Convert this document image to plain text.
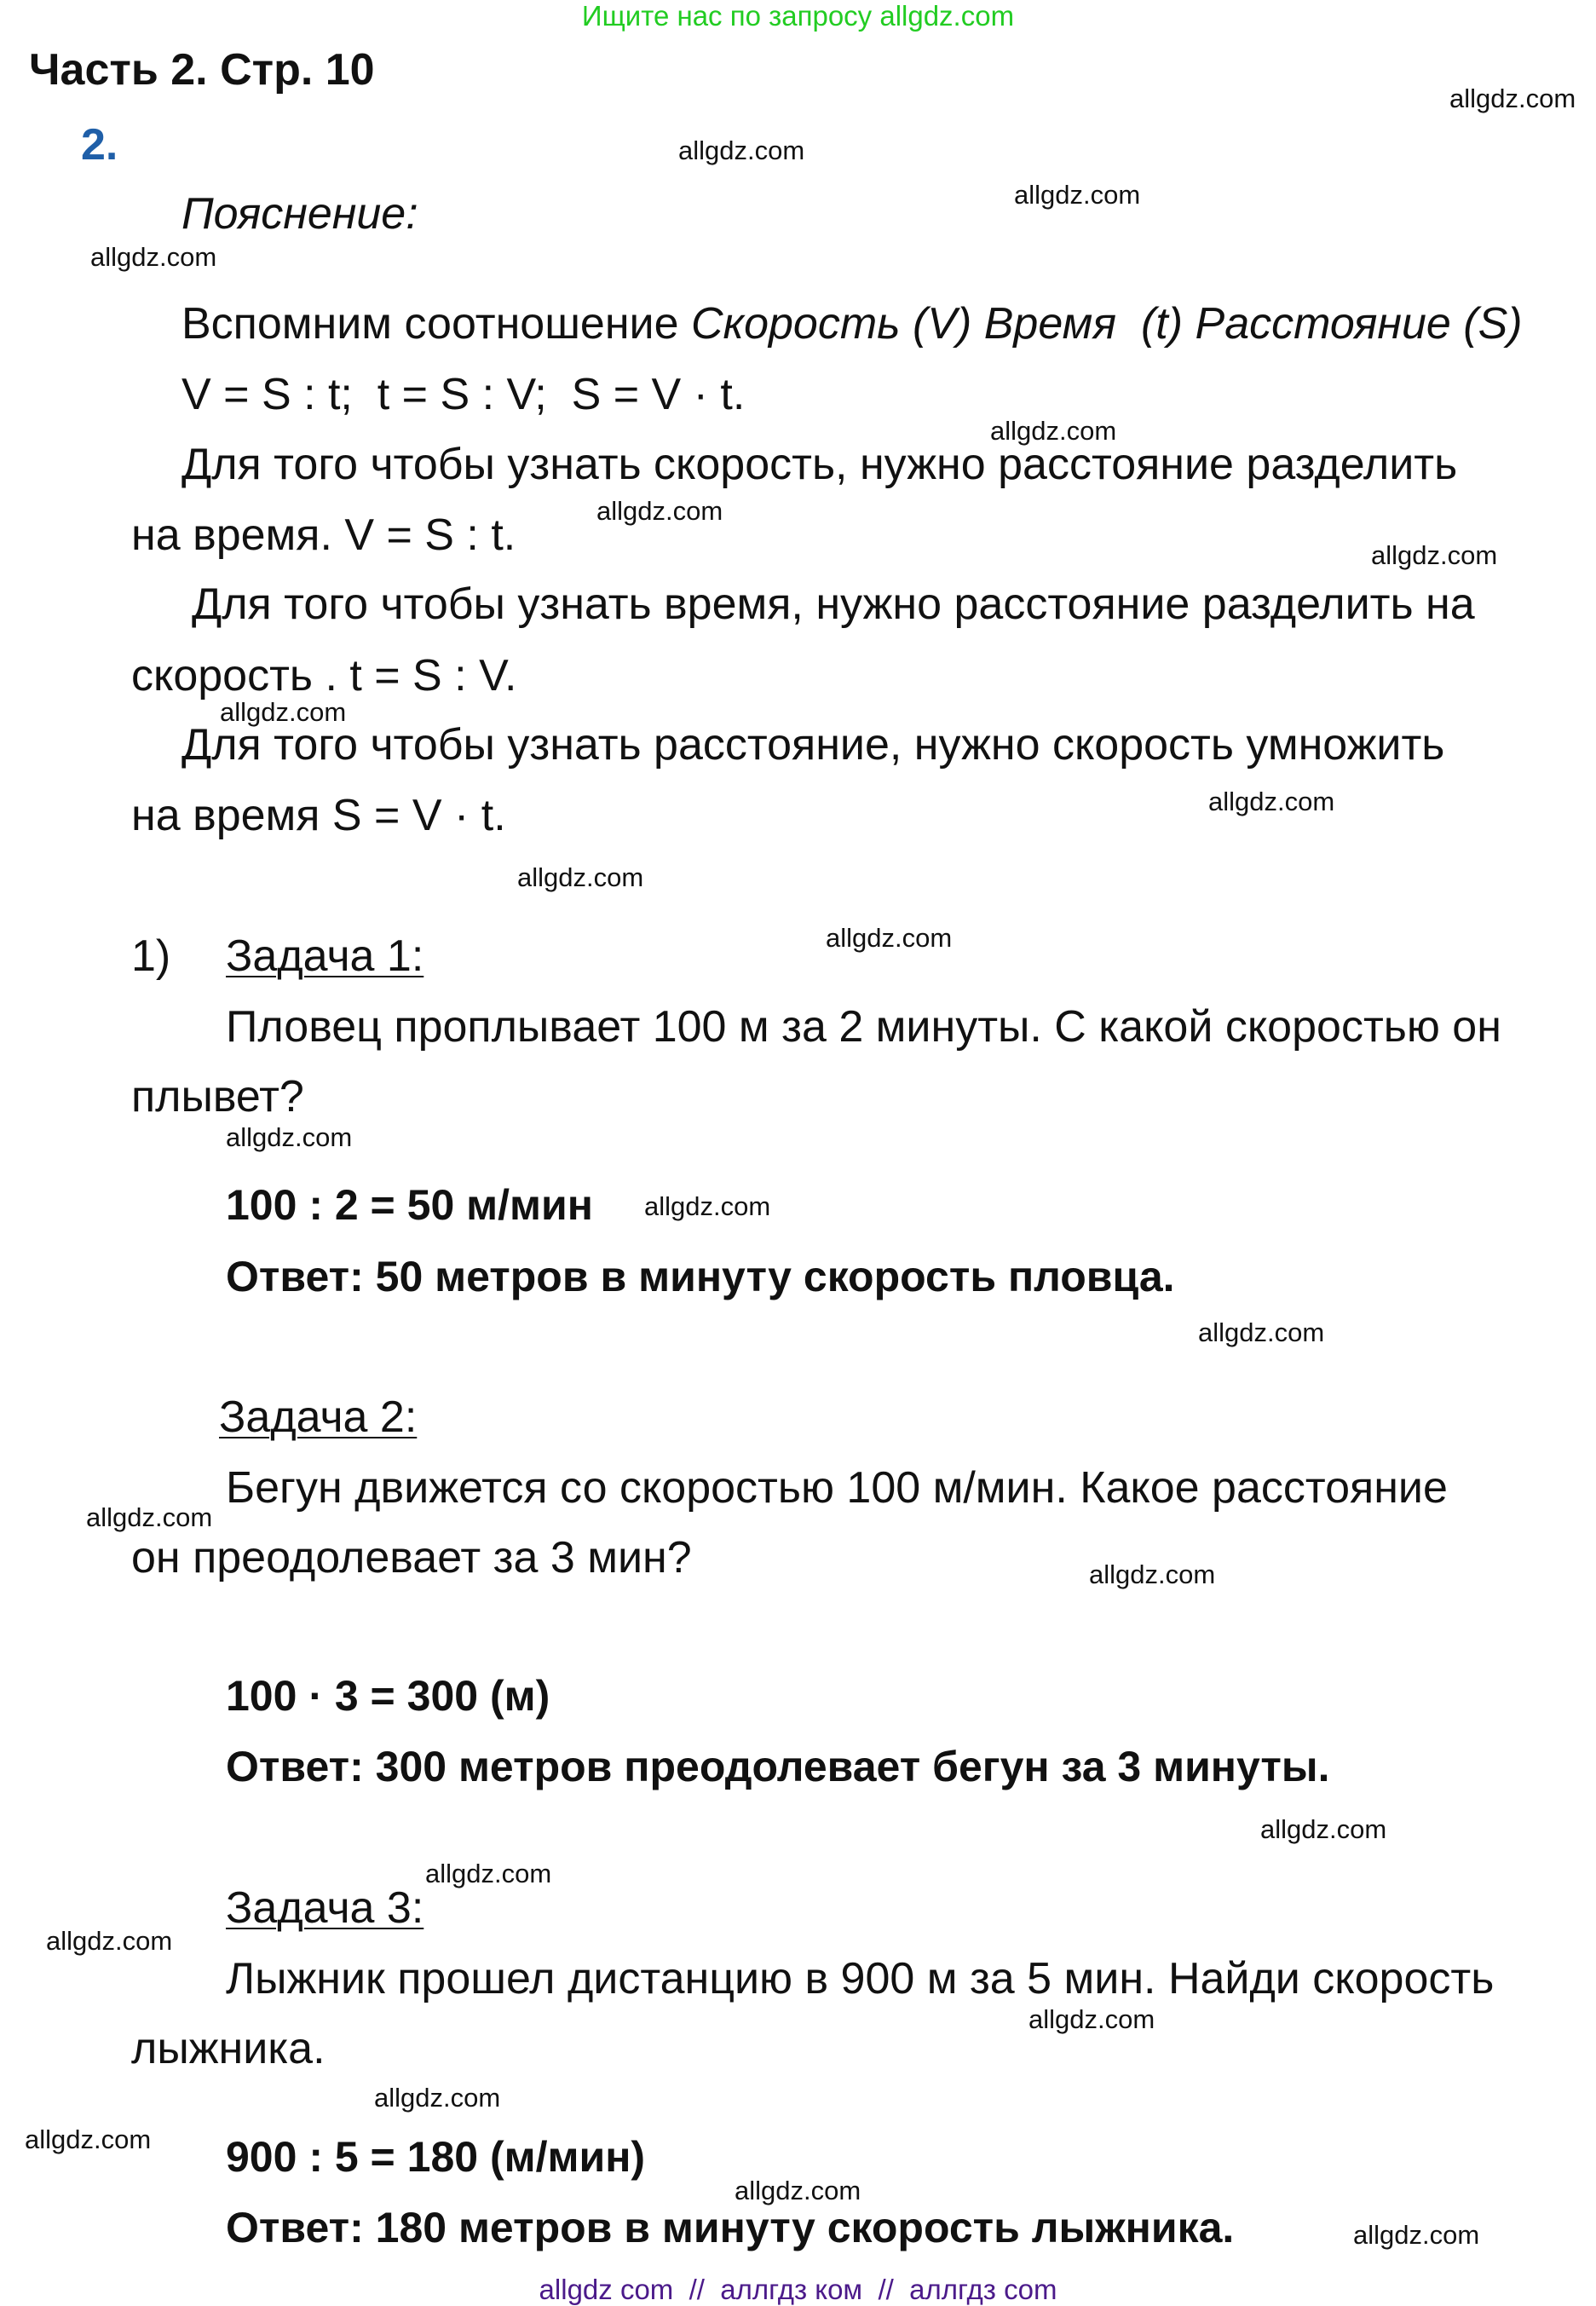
Ищите нас по запросу allgdz.com
Часть 2. Стр. 10
2.
Пояснение:
Вспомним соотношение Скорость (V) Время  (t) Расстояние (S)
V = S : t;  t = S : V;  S = V · t.
Для того чтобы узнать скорость, нужно расстояние разделить
на время. V = S : t.
Для того чтобы узнать время, нужно расстояние разделить на
скорость . t = S : V.
Для того чтобы узнать расстояние, нужно скорость умножить
на время S = V · t.
1) Задача 1:
Пловец проплывает 100 м за 2 минуты. С какой скоростью он
плывет?
100 : 2 = 50 м/мин
Ответ: 50 метров в минуту скорость пловца.
Задача 2:
Бегун движется со скоростью 100 м/мин. Какое расстояние
он преодолевает за 3 мин?
100 · 3 = 300 (м)
Ответ: 300 метров преодолевает бегун за 3 минуты.
Задача 3:
Лыжник прошел дистанцию в 900 м за 5 мин. Найди скорость
лыжника.
900 : 5 = 180 (м/мин)
Ответ: 180 метров в минуту скорость лыжника.
allgdz com  //  аллгдз ком  //  аллгдз com
allgdz.com
allgdz.com
allgdz.com
allgdz.com
allgdz.com
allgdz.com
allgdz.com
allgdz.com
allgdz.com
allgdz.com
allgdz.com
allgdz.com
allgdz.com
allgdz.com
allgdz.com
allgdz.com
allgdz.com
allgdz.com
allgdz.com
allgdz.com
allgdz.com
allgdz.com
allgdz.com
allgdz.com
